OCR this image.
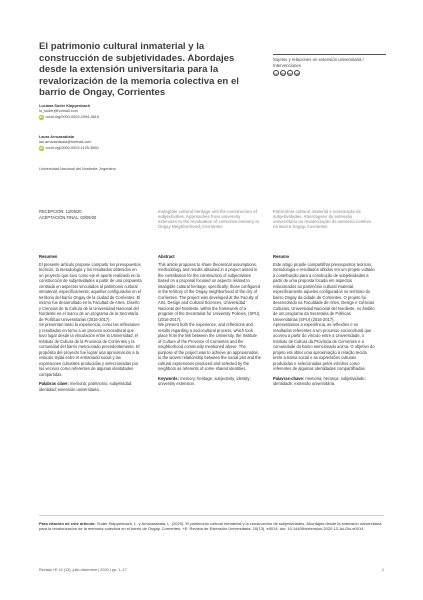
El patrimonio cultural inmaterial y la construcción de subjetividades. Abordajes desde la extensión universitaria para la revalorización de la memoria colectiva en el barrio de Ongay, Corrientes
Sujetos y relaciones en extensión universitaria / Intervenciones
cc by nc sa
Luciana Suder Klappenbach
lu_suder@hotmail.com
iD orcid.org/0000-0003-2994-3816
Laura Arruzazabala
lan.arruzazabala@hotmail.com
iD orcid.org/0000-0003-1125-3660
Universidad Nacional del Nordeste, Argentina
RECEPCIÓN: 12/06/20
ACEPTACIÓN FINAL: 03/09/20
Intangible cultural heritage and the construction of subjectivities. Approaches from university extension to the revaluation of collective memory in Ongay Neighborhood, Corrientes
Patrimônio cultural imaterial e construção de subjetividades. Abordagens da extensão universitária na revalorização da memória coletiva no Bairro Ongay, Corrientes
Resumen
El presente artículo propone compartir los presupuestos teóricos, la metodología y los resultados obtenidos en un proyecto que tuvo como eje el aporte realizado en la construcción de subjetividades a partir de una propuesta centrada en aspectos vinculados al patrimonio cultural inmaterial, específicamente, aquellos configurados en el territorio del barrio Ongay de la ciudad de Corrientes. El mismo fue desarrollado en la Facultad de Artes, Diseño y Ciencias de la Cultura de la Universidad Nacional del Nordeste en el marco de un programa de la Secretaría de Políticas Universitarias (2016-2017).
Se presentan tanto la experiencia, como las reflexiones y resultados en torno a un proceso sociocultural que tuvo lugar desde la vinculación entre la Universidad, el Instituto de Cultura de la Provincia de Corrientes y la comunidad del barrio mencionado precedentemente. El propósito del proyecto fue lograr una aproximación a la relación tejida entre el entramado social y las expresiones culturales producidas y seleccionadas por los vecinos como referentes de algunas identidades compartidas.
Palabras clave: memoria; patrimonio; subjetividad; identidad; extensión universitaria.
Abstract
This article proposes to share theoretical assumptions, methodology and results obtained in a project aimed in the contribution for the construction of subjectivities based on a proposal focused on aspects related to intangible cultural heritage, specifically, those configured in the territory of the Ongay neighborhood of the city of Corrientes. The project was developed at the Faculty of Arts, Design and Cultural Sciences, Universidad Nacional del Nordeste, within the framework of a program of the Secretariat for University Policies, (SPU), (2016-2017).
We present both the experience, and reflections and results regarding a sociocultural process, which took place from the link between the University, the Institute of Culture of the Province of Corrientes and the neighborhood community mentioned above. The purpose of the project was to achieve an approximation to the woven relationship between the social plot and the cultural expressions produced and selected by the neighbors as referents of some shared identities.
Keywords: memory; heritage; subjectivity; identity; university extension.
Resumo
Este artigo propõe compartilhar pressupostos teóricos, metodologia e resultados obtidos em um projeto voltado à contribuição para a construção de subjetividades a partir de uma proposta focada em aspectos relacionados ao patrimônio cultural imaterial, especificamente aqueles configurados no território do bairro Ongay da cidade de Corrientes. O projeto foi desenvolvido na Faculdade de Artes, Design e Ciências Culturais, Universidad Nacional del Nordeste, no âmbito de um programa da Secretaria de Políticas Universitárias (SPU) (2016-2017).
Apresentamos a experiência, as reflexões e os resultados referentes a um processo sociocultural que ocorreu a partir do vínculo entre a Universidade, o Instituto de Cultura da Província de Corrientes e a comunidade do bairro mencionado acima. O objetivo do projeto era obter uma aproximação à relação tecida entre a trama social e as expressões culturais produzidas e selecionadas pelos vizinhos como referentes de algumas identidades compartilhadas.
Palavras-chave: memória; herança; subjetividade; identidade; extensão universitária.
Para citación de este artículo: Suder Klappenbach, L. y Arruzazabala, L. (2020). El patrimonio cultural inmaterial y la construcción de subjetividades. Abordajes desde la extensión universitaria para la revalorización de la memoria colectiva en el barrio de Ongay, Corrientes. +E: Revista de Extensión Universitaria, 10(13), e0014. doi: 10.14409/extension.2020.13.Jul-Dic.e0014
Revista +E 10 (13), julio-diciembre | 2020 | pp. 1–17	1
